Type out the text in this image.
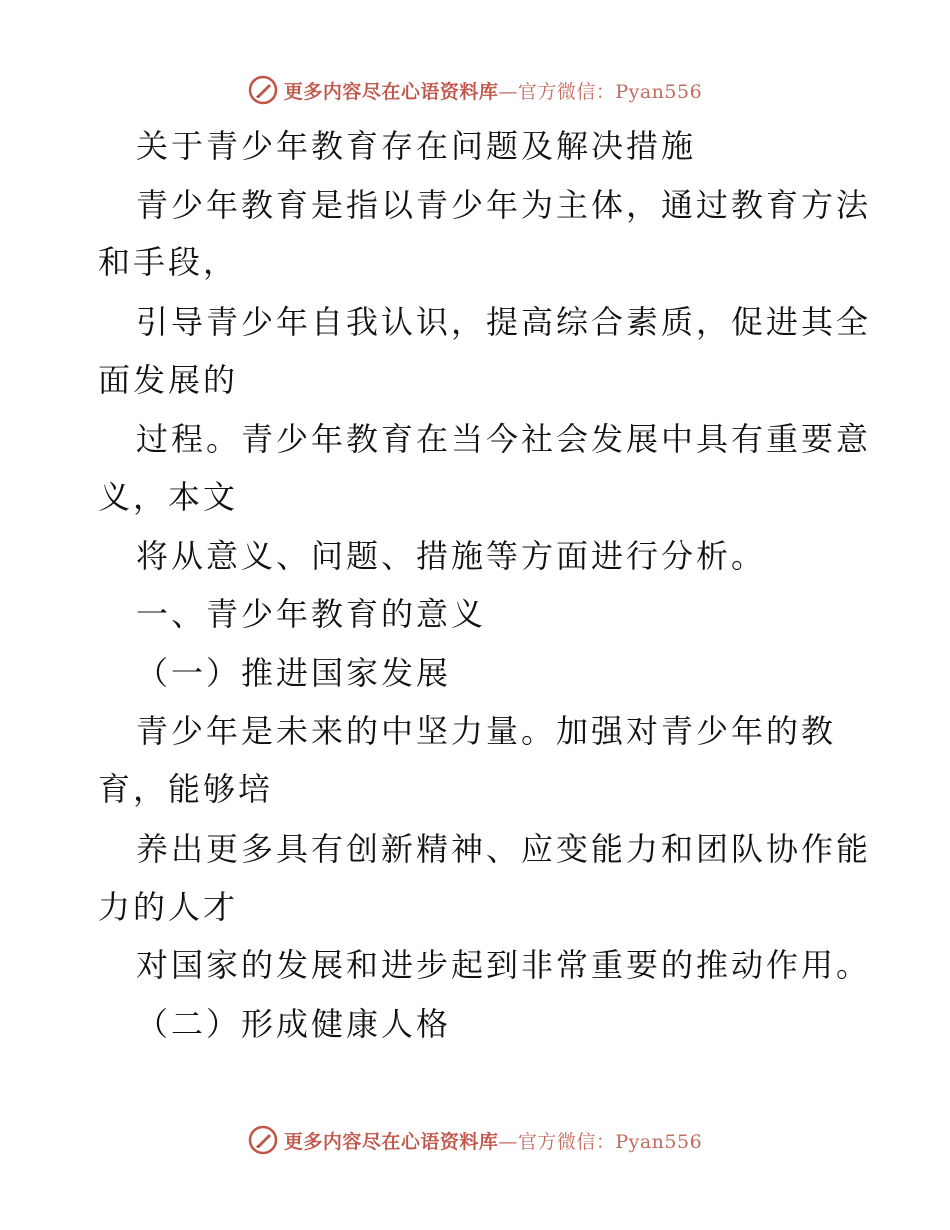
更多内容尽在心语资料库—官方微信：Pyan556
关于青少年教育存在问题及解决措施
青少年教育是指以青少年为主体，通过教育方法
和手段，
引导青少年自我认识，提高综合素质，促进其全
面发展的
过程。青少年教育在当今社会发展中具有重要意
义，本文
将从意义、问题、措施等方面进行分析。
一、青少年教育的意义
（一）推进国家发展
青少年是未来的中坚力量。加强对青少年的教
育，能够培
养出更多具有创新精神、应变能力和团队协作能
力的人才
对国家的发展和进步起到非常重要的推动作用。
（二）形成健康人格
更多内容尽在心语资料库—官方微信：Pyan556
